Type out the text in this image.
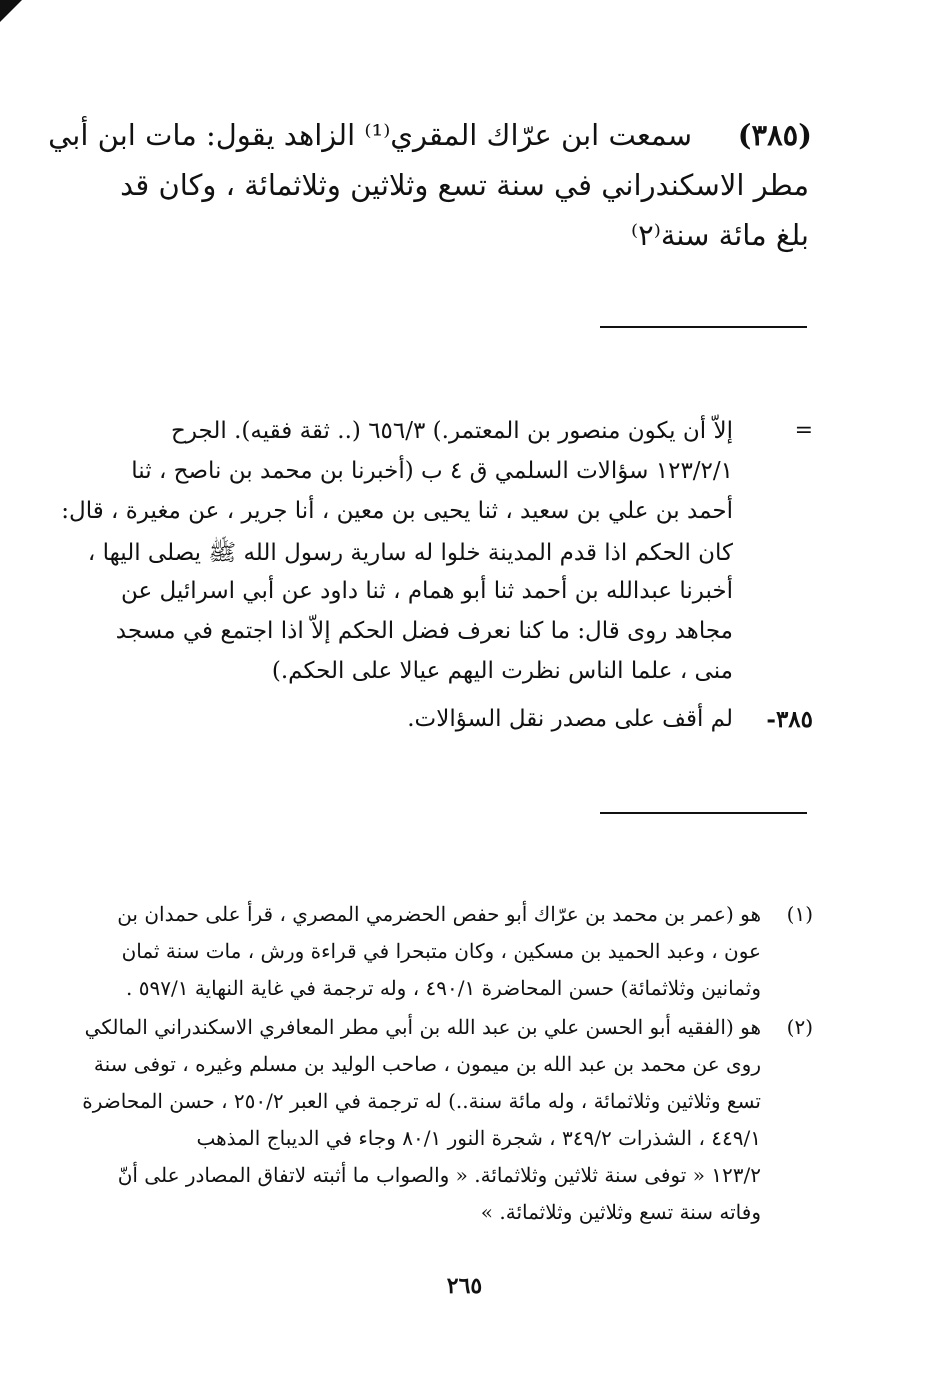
(٣٨٥)
سمعت ابن عرّاك المقري⁽¹⁾ الزاهد يقول: مات ابن أبي
مطر الاسكندراني في سنة تسع وثلاثين وثلاثمائة ، وكان قد
بلغ مائة سنة⁽٢⁾
=
إلاّ أن يكون منصور بن المعتمر.) ٦٥٦/٣ (.. ثقة فقيه). الجرح
١٢٣/٢/١ سؤالات السلمي ق ٤ ب (أخبرنا بن محمد بن ناصح ، ثنا
أحمد بن علي بن سعيد ، ثنا يحيى بن معين ، أنا جرير ، عن مغيرة ، قال:
كان الحكم اذا قدم المدينة خلوا له سارية رسول الله ﷺ يصلى اليها ،
أخبرنا عبدالله بن أحمد ثنا أبو همام ، ثنا داود عن أبي اسرائيل عن
مجاهد روى قال: ما كنا نعرف فضل الحكم إلاّ اذا اجتمع في مسجد
منى ، علما الناس نظرت اليهم عيالا على الحكم.)
٣٨٥-
لم أقف على مصدر نقل السؤالات.
(١)
هو (عمر بن محمد بن عرّاك أبو حفص الحضرمي المصري ، قرأ على حمدان بن
عون ، وعبد الحميد بن مسكين ، وكان متبحرا في قراءة ورش ، مات سنة ثمان
وثمانين وثلاثمائة) حسن المحاضرة ٤٩٠/١ ، وله ترجمة في غاية النهاية ٥٩٧/١ .
(٢)
هو (الفقيه أبو الحسن علي بن عبد الله بن أبي مطر المعافري الاسكندراني المالكي
روى عن محمد بن عبد الله بن ميمون ، صاحب الوليد بن مسلم وغيره ، توفى سنة
تسع وثلاثين وثلاثمائة ، وله مائة سنة..) له ترجمة في العبر ٢٥٠/٢ ، حسن المحاضرة
٤٤٩/١ ، الشذرات ٣٤٩/٢ ، شجرة النور ٨٠/١ وجاء في الديباج المذهب
١٢٣/٢ « توفى سنة ثلاثين وثلاثمائة. « والصواب ما أثبته لاتفاق المصادر على أنّ
وفاته سنة تسع وثلاثين وثلاثمائة. »
٢٦٥
